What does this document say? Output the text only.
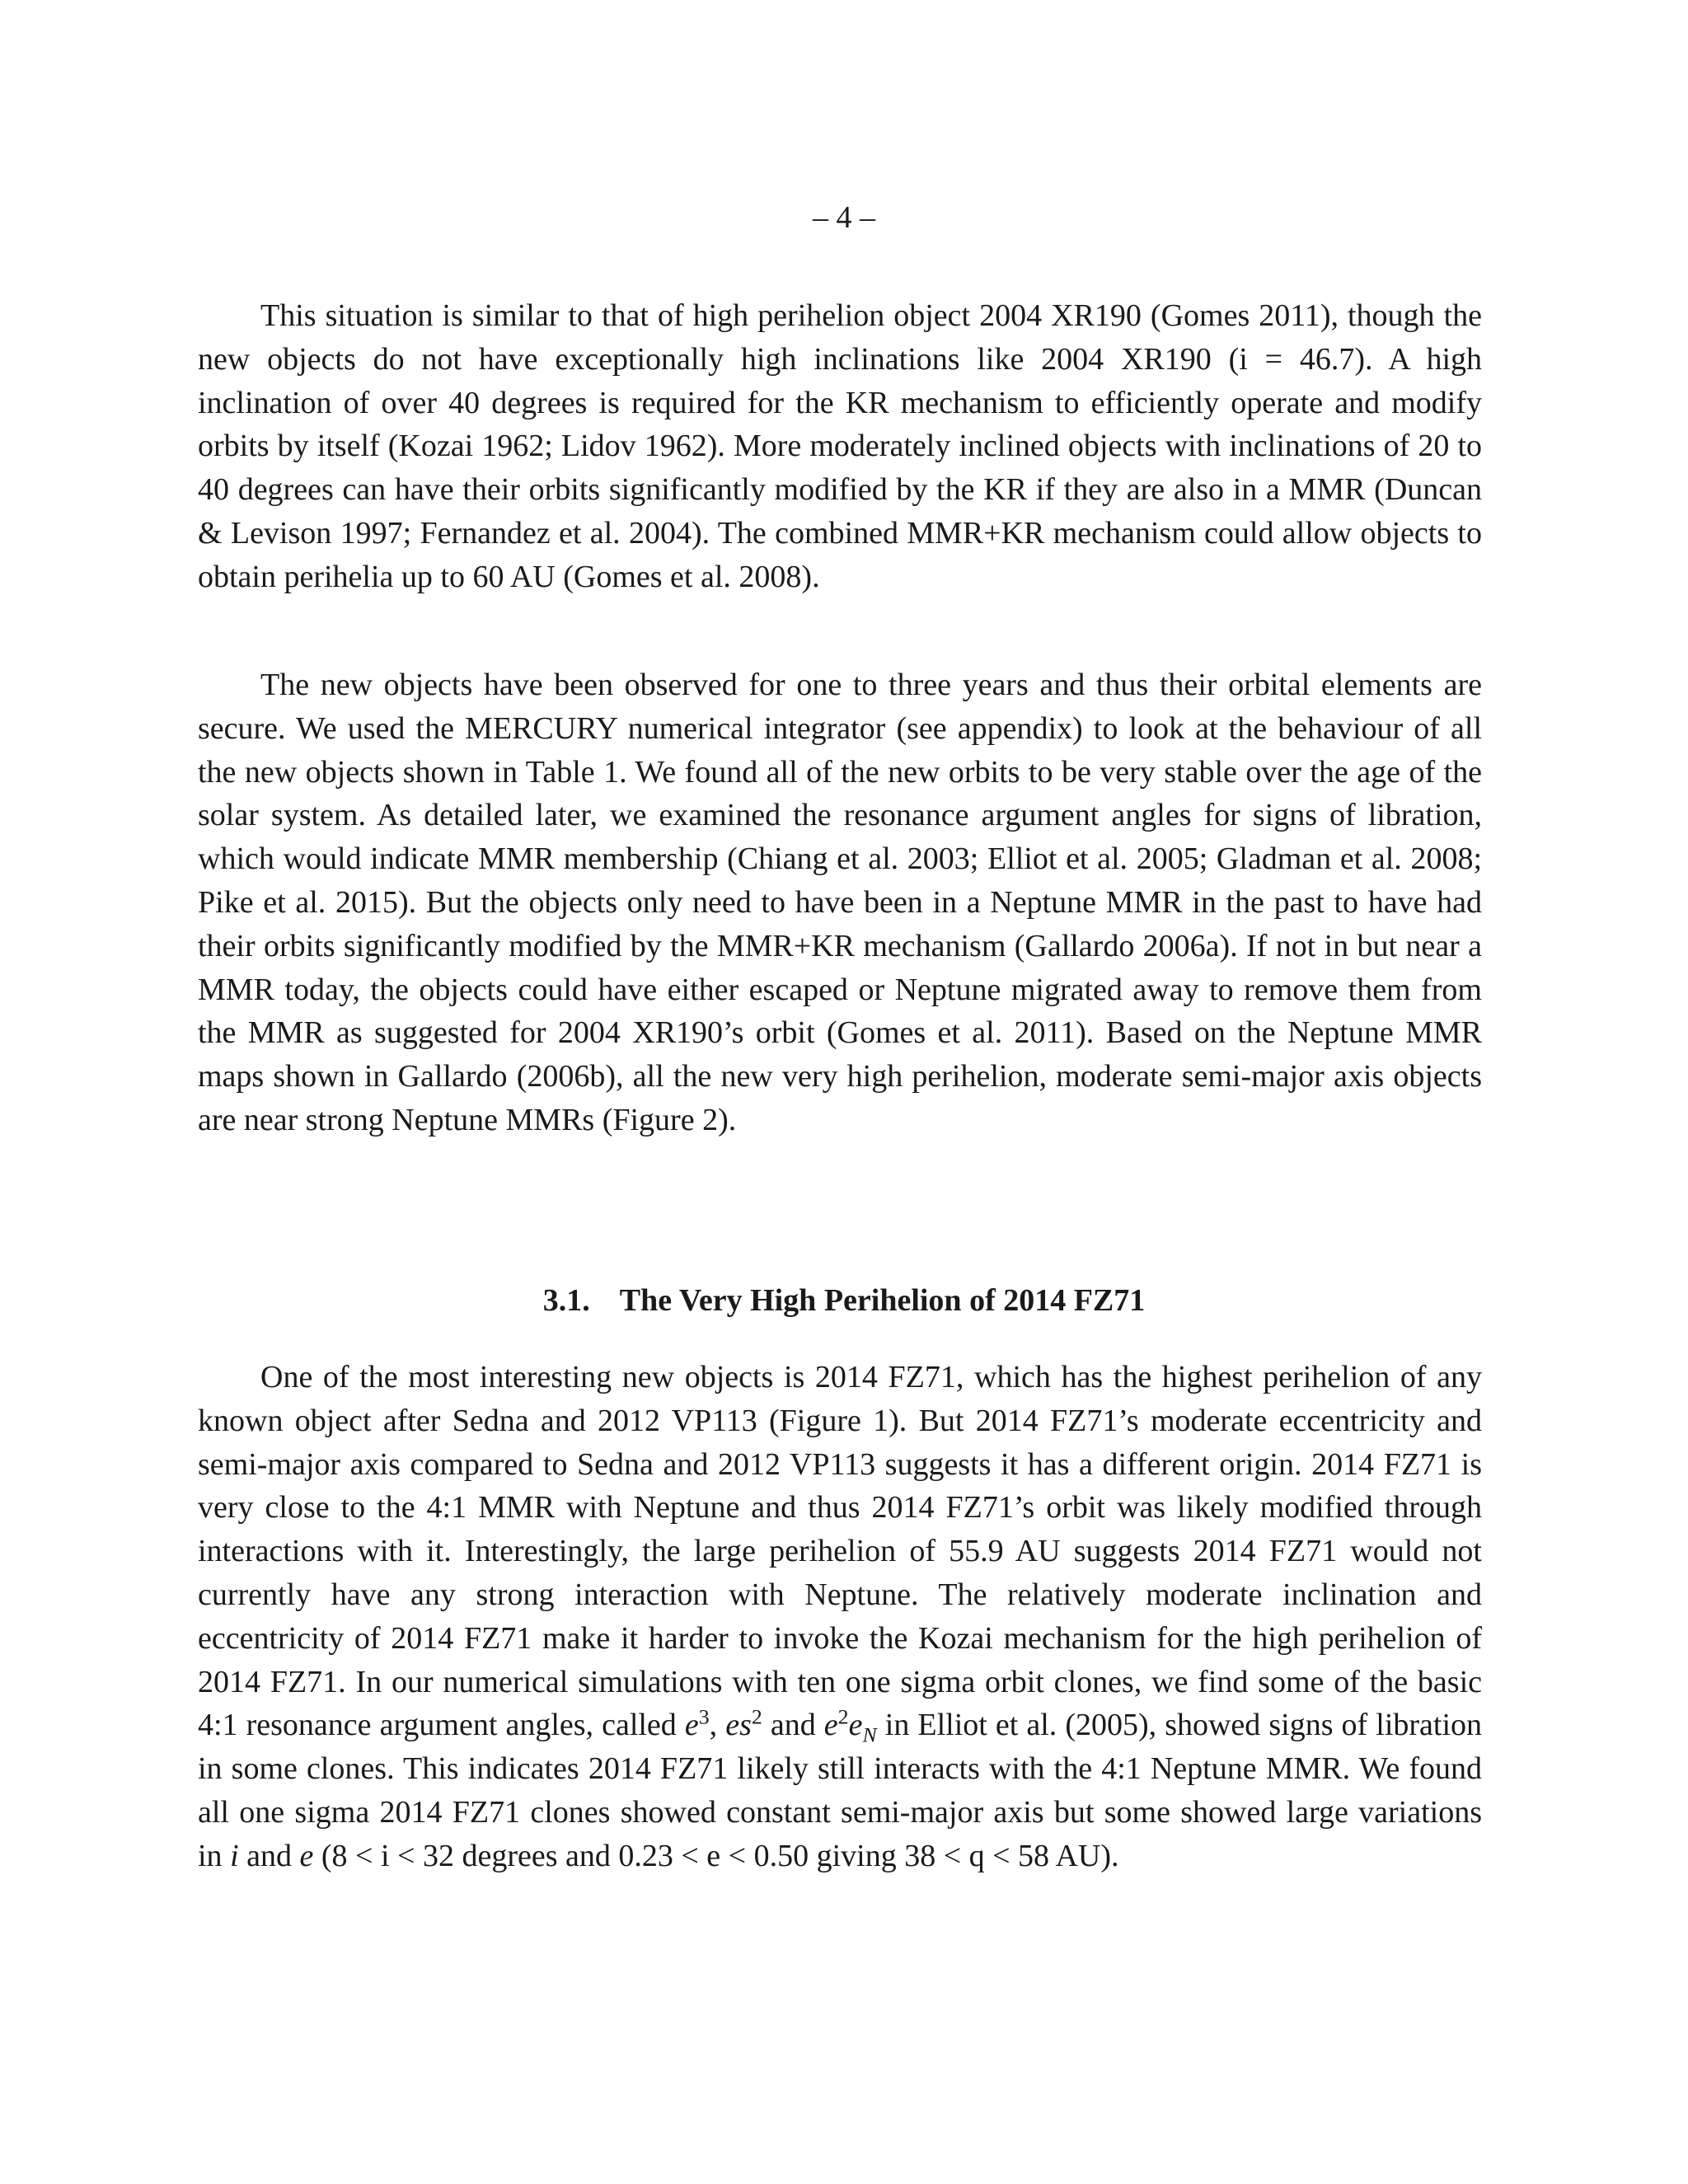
– 4 –

This situation is similar to that of high perihelion object 2004 XR190 (Gomes 2011), though the new objects do not have exceptionally high inclinations like 2004 XR190 (i = 46.7). A high inclination of over 40 degrees is required for the KR mechanism to efficiently operate and modify orbits by itself (Kozai 1962; Lidov 1962). More moderately inclined objects with inclinations of 20 to 40 degrees can have their orbits significantly modified by the KR if they are also in a MMR (Duncan & Levison 1997; Fernandez et al. 2004). The combined MMR+KR mechanism could allow objects to obtain perihelia up to 60 AU (Gomes et al. 2008).

The new objects have been observed for one to three years and thus their orbital elements are secure. We used the MERCURY numerical integrator (see appendix) to look at the behaviour of all the new objects shown in Table 1. We found all of the new orbits to be very stable over the age of the solar system. As detailed later, we examined the resonance argument angles for signs of libration, which would indicate MMR membership (Chiang et al. 2003; Elliot et al. 2005; Gladman et al. 2008; Pike et al. 2015). But the objects only need to have been in a Neptune MMR in the past to have had their orbits significantly modified by the MMR+KR mechanism (Gallardo 2006a). If not in but near a MMR today, the objects could have either escaped or Neptune migrated away to remove them from the MMR as suggested for 2004 XR190’s orbit (Gomes et al. 2011). Based on the Neptune MMR maps shown in Gallardo (2006b), all the new very high perihelion, moderate semi-major axis objects are near strong Neptune MMRs (Figure 2).

3.1. The Very High Perihelion of 2014 FZ71

One of the most interesting new objects is 2014 FZ71, which has the highest perihelion of any known object after Sedna and 2012 VP113 (Figure 1). But 2014 FZ71’s moderate eccentricity and semi-major axis compared to Sedna and 2012 VP113 suggests it has a different origin. 2014 FZ71 is very close to the 4:1 MMR with Neptune and thus 2014 FZ71’s orbit was likely modified through interactions with it. Interestingly, the large perihelion of 55.9 AU suggests 2014 FZ71 would not currently have any strong interaction with Neptune. The relatively moderate inclination and eccentricity of 2014 FZ71 make it harder to invoke the Kozai mechanism for the high perihelion of 2014 FZ71. In our numerical simulations with ten one sigma orbit clones, we find some of the basic 4:1 resonance argument angles, called $e^3$, $es^2$ and $e^2e_N$ in Elliot et al. (2005), showed signs of libration in some clones. This indicates 2014 FZ71 likely still interacts with the 4:1 Neptune MMR. We found all one sigma 2014 FZ71 clones showed constant semi-major axis but some showed large variations in i and e (8 < i < 32 degrees and 0.23 < e < 0.50 giving 38 < q < 58 AU).
